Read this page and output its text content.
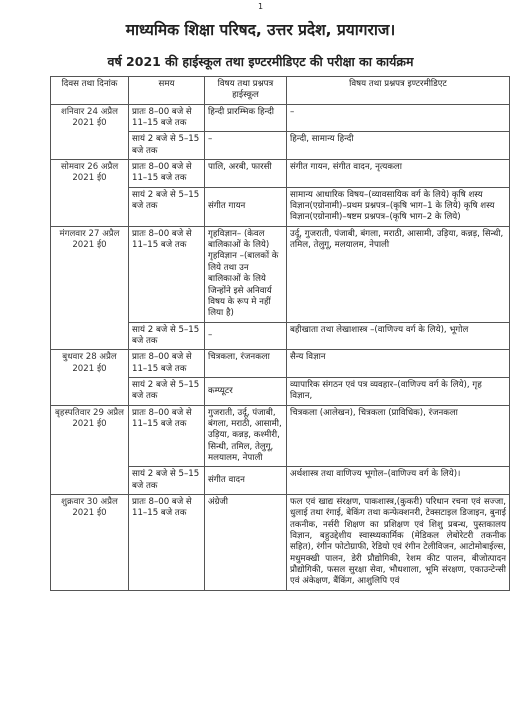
1
माध्यमिक शिक्षा परिषद, उत्तर प्रदेश, प्रयागराज।
वर्ष 2021 की हाईस्कूल तथा इण्टरमीडिएट की परीक्षा का कार्यक्रम
दिवस तथा दिनांक	समय	विषय तथा प्रश्नपत्र हाईस्कूल	विषय तथा प्रश्नपत्र इण्टरमीडिएट
शनिवार 24 अप्रैल 2021 ई0	प्रातः 8–00 बजे से 11–15 बजे तक	हिन्दी प्रारम्भिक हिन्दी	–
	सायं 2 बजे से 5–15 बजे तक	–	हिन्दी, सामान्य हिन्दी
सोमवार 26 अप्रैल 2021 ई0	प्रातः 8–00 बजे से 11–15 बजे तक	पालि, अरबी, फारसी	संगीत गायन, संगीत वादन, नृत्यकला
	सायं 2 बजे से 5–15 बजे तक	संगीत गायन	सामान्य आधारिक विषय–(व्यावसायिक वर्ग के लिये) कृषि शस्य विज्ञान(एग्रोनामी)–प्रथम प्रश्नपत्र–(कृषि भाग–1 के लिये) कृषि शस्य विज्ञान(एग्रोनामी)–षष्टम प्रश्नपत्र–(कृषि भाग–2 के लिये)
मंगलवार 27 अप्रैल 2021 ई0	प्रातः 8–00 बजे से 11–15 बजे तक	गृहविज्ञान– (केवल बालिकाओं के लिये) गृहविज्ञान –(बालकों के लिये तथा उन बालिकाओं के लिये जिन्होंने इसे अनिवार्य विषय के रूप मे नहीं लिया है)	उर्दू, गुजराती, पंजाबी, बंगला, मराठी, आसामी, उड़िया, कन्नड़, सिन्धी, तमिल, तेलुगू, मलयालम, नेपाली
	सायं 2 बजे से 5–15 बजे तक	–	बहीखाता तथा लेखाशास्त्र –(वाणिज्य वर्ग के लिये), भूगोल
बुधवार 28 अप्रैल 2021 ई0	प्रातः 8–00 बजे से 11–15 बजे तक	चित्रकला, रंजनकला	सैन्य विज्ञान
	सायं 2 बजे से 5–15 बजे तक	कम्प्यूटर	व्यापारिक संगठन एवं पत्र व्यवहार–(वाणिज्य वर्ग के लिये), गृह विज्ञान,
बृहस्पतिवार 29 अप्रैल 2021 ई0	प्रातः 8–00 बजे से 11–15 बजे तक	गुजराती, उर्दू, पंजाबी, बंगला, मराठी, आसामी, उड़िया, कन्नड़, कश्मीरी, सिन्धी, तमिल, तेलुगू, मलयालम, नेपाली	चित्रकला (आलेखन), चित्रकला (प्राविधिक), रंजनकला
	सायं 2 बजे से 5–15 बजे तक	संगीत वादन	अर्थशास्त्र तथा वाणिज्य भूगोल–(वाणिज्य वर्ग के लिये)।
शुक्रवार 30 अप्रैल 2021 ई0	प्रातः 8–00 बजे से 11–15 बजे तक	अंग्रेजी	फल एवं खाद्य संरक्षण, पाकशास्त्र,(कुकरी) परिधान रचना एवं सज्जा, धुलाई तथा रंगाई, बेकिंग तथा कन्फेक्शनरी, टेक्सटाइल डिजाइन, बुनाई तकनीक, नर्सरी शिक्षण का प्रशिक्षण एवं शिशु प्रबन्ध, पुस्तकालय विज्ञान, बहुउद्देशीय स्वास्थ्यकार्मिक (मेडिकल लेबोरेटरी तकनीक सहित), रंगीन फोटोग्राफी, रेडियो एवं रंगीन टेलीविजन, आटोमोबाईल्स, मधुमक्खी पालन, डेरी प्रौद्योगिकी, रेशम कीट पालन, बीजोत्पादन प्रौद्योगिकी, फसल सुरक्षा सेवा, भौधशाला, भूमि संरक्षण, एकाउन्टेन्सी एवं अंकेक्षण, बैंकिंग, आशुलिपि एवं
